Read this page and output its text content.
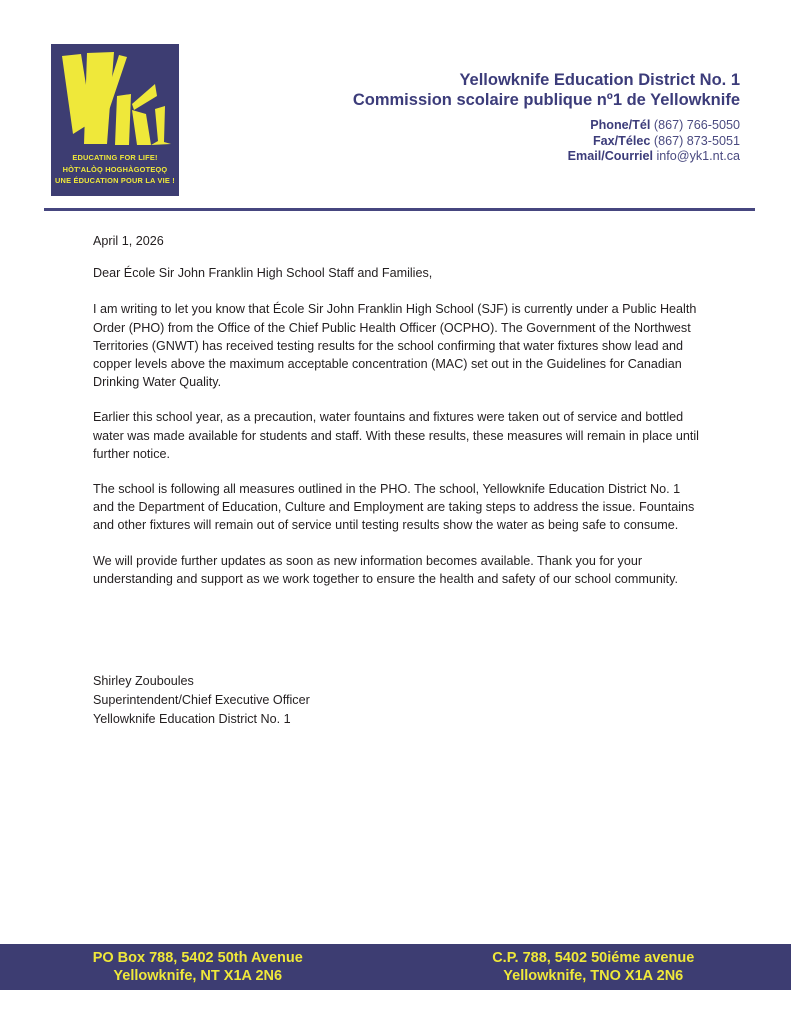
EDUCATING FOR LIFE!
HÒT'ALÒǪ HOGHÀGOTEǪǪ
UNE ÉDUCATION POUR LA VIE !
Yellowknife Education District No. 1
Commission scolaire publique nº1 de Yellowknife
Phone/Tél (867) 766-5050
Fax/Télec (867) 873-5051
Email/Courriel info@yk1.nt.ca

April 1, 2026

Dear École Sir John Franklin High School Staff and Families,

I am writing to let you know that École Sir John Franklin High School (SJF) is currently under a Public Health Order (PHO) from the Office of the Chief Public Health Officer (OCPHO). The Government of the Northwest Territories (GNWT) has received testing results for the school confirming that water fixtures show lead and copper levels above the maximum acceptable concentration (MAC) set out in the Guidelines for Canadian Drinking Water Quality.

Earlier this school year, as a precaution, water fountains and fixtures were taken out of service and bottled water was made available for students and staff. With these results, these measures will remain in place until further notice.

The school is following all measures outlined in the PHO. The school, Yellowknife Education District No. 1 and the Department of Education, Culture and Employment are taking steps to address the issue. Fountains and other fixtures will remain out of service until testing results show the water as being safe to consume.

We will provide further updates as soon as new information becomes available. Thank you for your understanding and support as we work together to ensure the health and safety of our school community.

Shirley Zouboules
Superintendent/Chief Executive Officer
Yellowknife Education District No. 1
PO Box 788, 5402 50th Avenue
Yellowknife, NT X1A 2N6
C.P. 788, 5402 50iéme avenue
Yellowknife, TNO X1A 2N6
